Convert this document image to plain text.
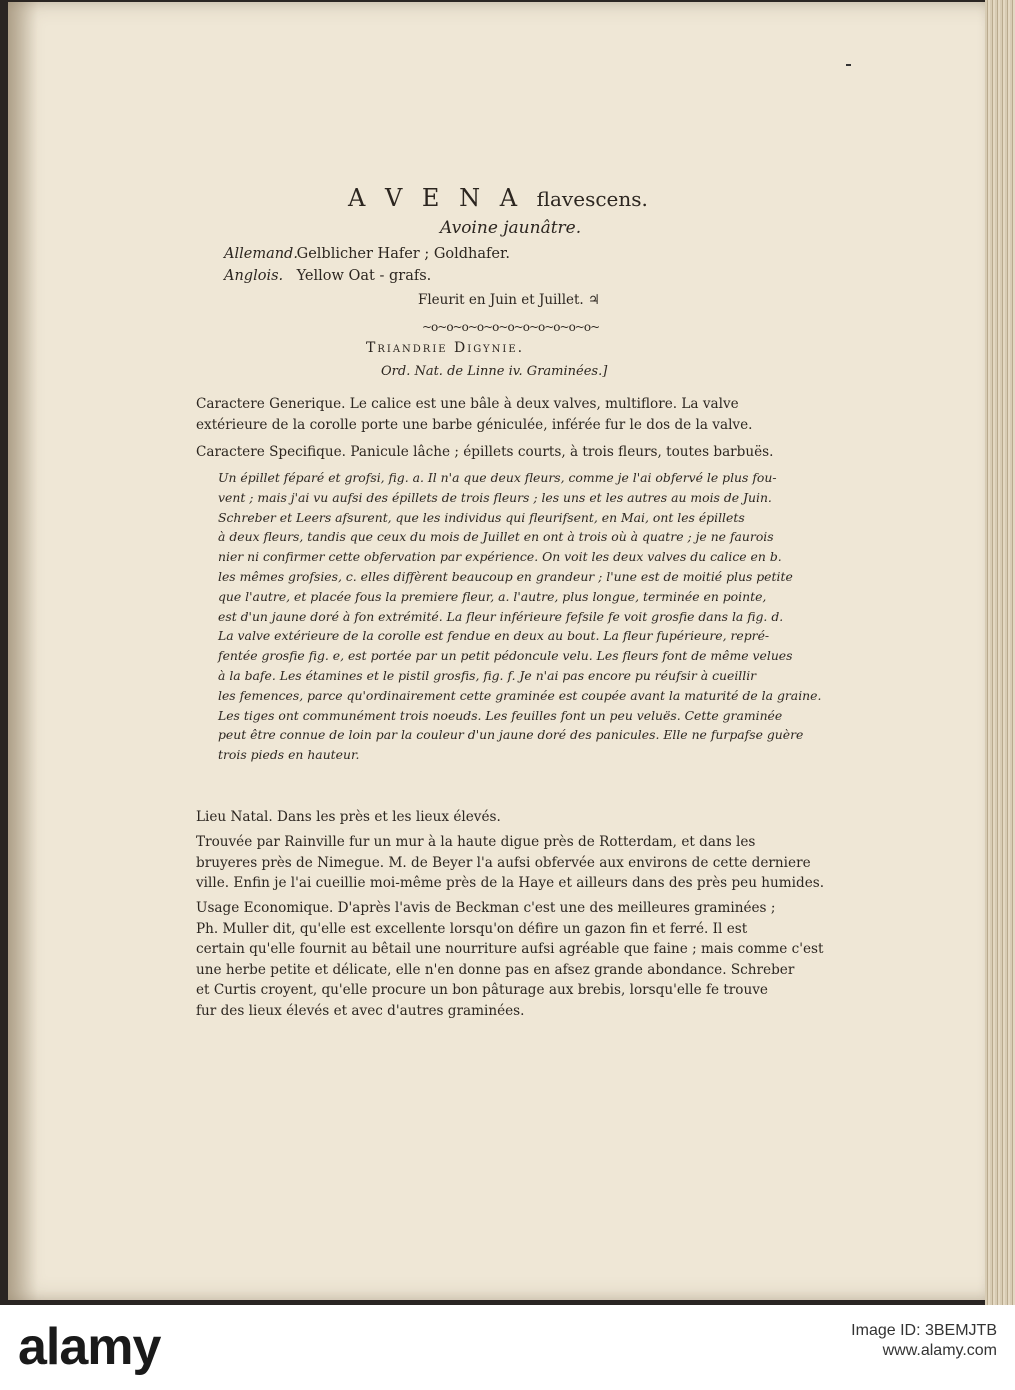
A V E N A flavescens.
Avoine jaunâtre.
Allemand. Gelblicher Hafer ; Goldhafer.
Anglois. Yellow Oat - grafs.
Fleurit en Juin et Juillet. ♃
~o~o~o~o~o~o~o~o~o~o~o~
Triandrie Digynie.
Ord. Nat. de Linne iv. Graminées.]
Caractere Generique. Le calice est une bâle à deux valves, multiflore. La valve
extérieure de la corolle porte une barbe géniculée, inférée fur le dos de la valve.
Caractere Specifique. Panicule lâche ; épillets courts, à trois fleurs, toutes barbuës.
Un épillet féparé et grofsi, fig. a. Il n'a que deux fleurs, comme je l'ai obfervé le plus fou-
vent ; mais j'ai vu aufsi des épillets de trois fleurs ; les uns et les autres au mois de Juin.
Schreber et Leers afsurent, que les individus qui fleurifsent, en Mai, ont les épillets
à deux fleurs, tandis que ceux du mois de Juillet en ont à trois où à quatre ; je ne faurois
nier ni confirmer cette obfervation par expérience. On voit les deux valves du calice en b.
les mêmes grofsies, c. elles diffèrent beaucoup en grandeur ; l'une est de moitié plus petite
que l'autre, et placée fous la premiere fleur, a. l'autre, plus longue, terminée en pointe,
est d'un jaune doré à fon extrémité. La fleur inférieure fefsile fe voit grosfie dans la fig. d.
La valve extérieure de la corolle est fendue en deux au bout. La fleur fupérieure, repré-
fentée grosfie fig. e, est portée par un petit pédoncule velu. Les fleurs font de même velues
à la bafe. Les étamines et le pistil grosfis, fig. f. Je n'ai pas encore pu réufsir à cueillir
les femences, parce qu'ordinairement cette graminée est coupée avant la maturité de la graine.
Les tiges ont communément trois noeuds. Les feuilles font un peu veluës. Cette graminée
peut être connue de loin par la couleur d'un jaune doré des panicules. Elle ne furpafse guère
trois pieds en hauteur.
Lieu Natal. Dans les près et les lieux élevés.
Trouvée par Rainville fur un mur à la haute digue près de Rotterdam, et dans les
bruyeres près de Nimegue. M. de Beyer l'a aufsi obfervée aux environs de cette derniere
ville. Enfin je l'ai cueillie moi-même près de la Haye et ailleurs dans des près peu humides.
Usage Economique. D'après l'avis de Beckman c'est une des meilleures graminées ;
Ph. Muller dit, qu'elle est excellente lorsqu'on défire un gazon fin et ferré. Il est
certain qu'elle fournit au bêtail une nourriture aufsi agréable que faine ; mais comme c'est
une herbe petite et délicate, elle n'en donne pas en afsez grande abondance. Schreber
et Curtis croyent, qu'elle procure un bon pâturage aux brebis, lorsqu'elle fe trouve
fur des lieux élevés et avec d'autres graminées.
alamy	Image ID: 3BEMJTB
www.alamy.com
